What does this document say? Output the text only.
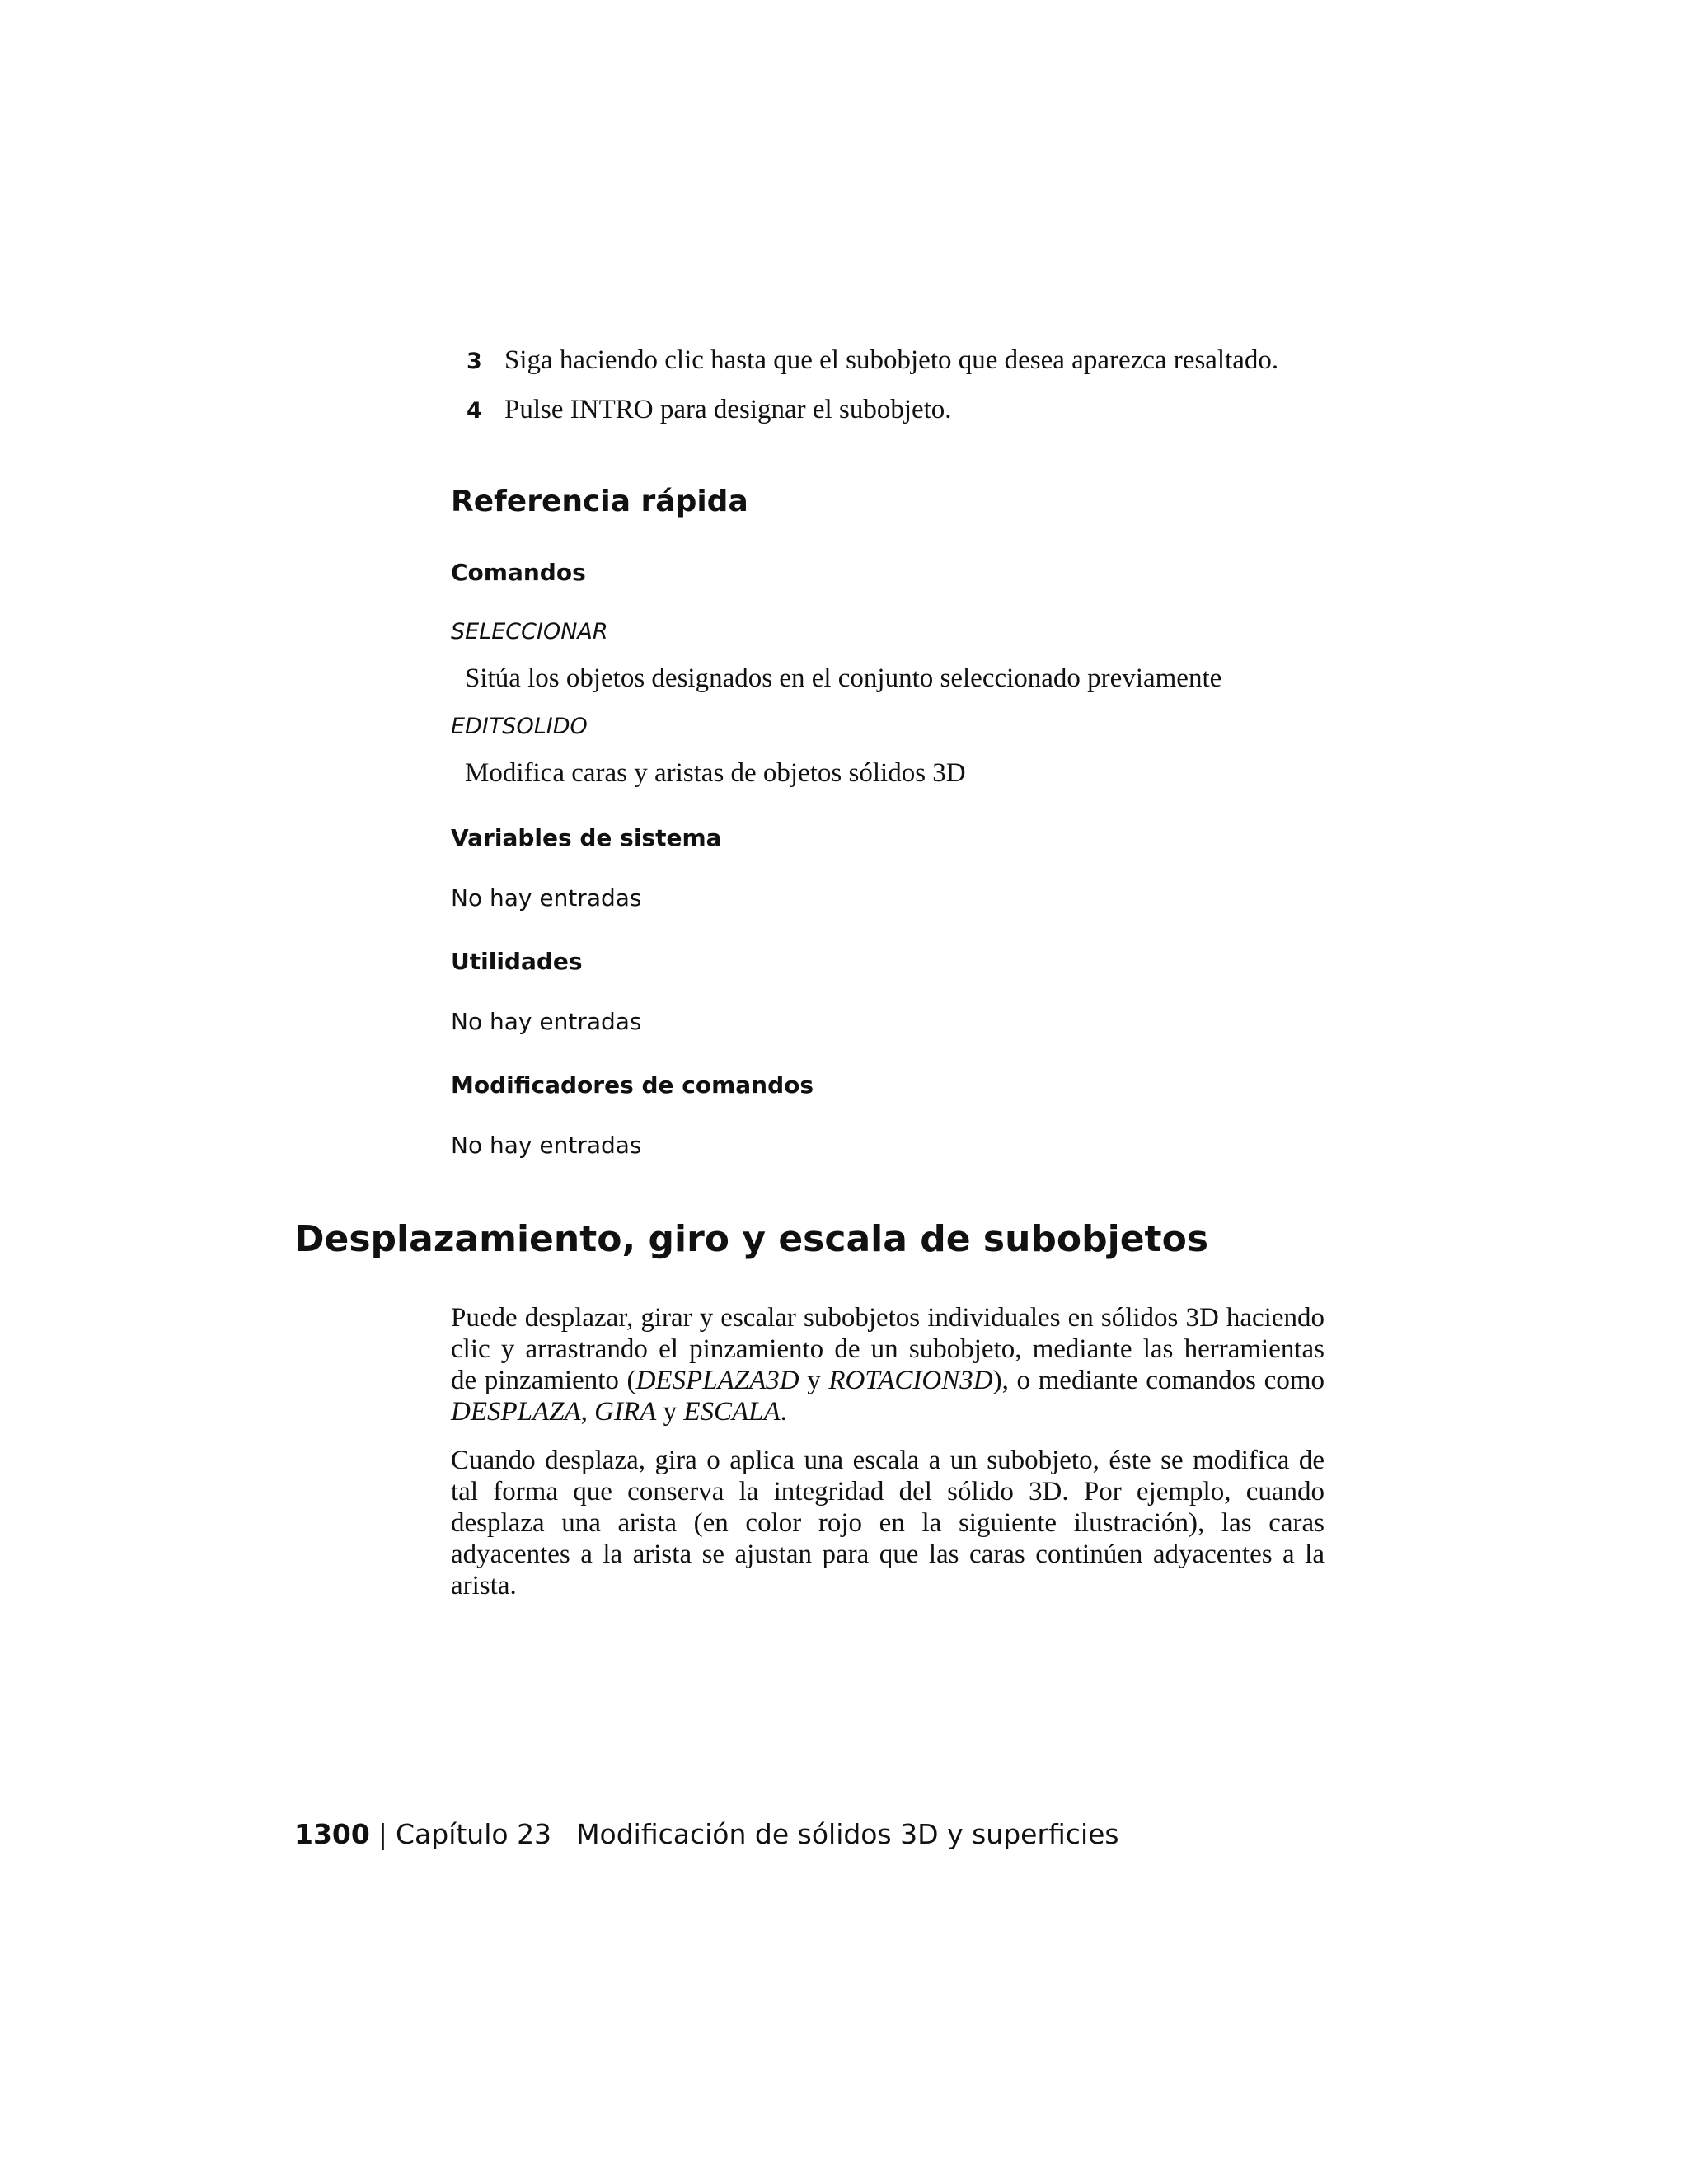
3 Siga haciendo clic hasta que el subobjeto que desea aparezca resaltado.
4 Pulse INTRO para designar el subobjeto.
Referencia rápida
Comandos
SELECCIONAR
Sitúa los objetos designados en el conjunto seleccionado previamente
EDITSOLIDO
Modifica caras y aristas de objetos sólidos 3D
Variables de sistema
No hay entradas
Utilidades
No hay entradas
Modificadores de comandos
No hay entradas
Desplazamiento, giro y escala de subobjetos
Puede desplazar, girar y escalar subobjetos individuales en sólidos 3D haciendo
clic y arrastrando el pinzamiento de un subobjeto, mediante las herramientas
de pinzamiento (DESPLAZA3D y ROTACION3D), o mediante comandos como
DESPLAZA, GIRA y ESCALA.
Cuando desplaza, gira o aplica una escala a un subobjeto, éste se modifica de
tal forma que conserva la integridad del sólido 3D. Por ejemplo, cuando
desplaza una arista (en color rojo en la siguiente ilustración), las caras
adyacentes a la arista se ajustan para que las caras continúen adyacentes a la
arista.
1300 | Capítulo 23 Modificación de sólidos 3D y superficies
